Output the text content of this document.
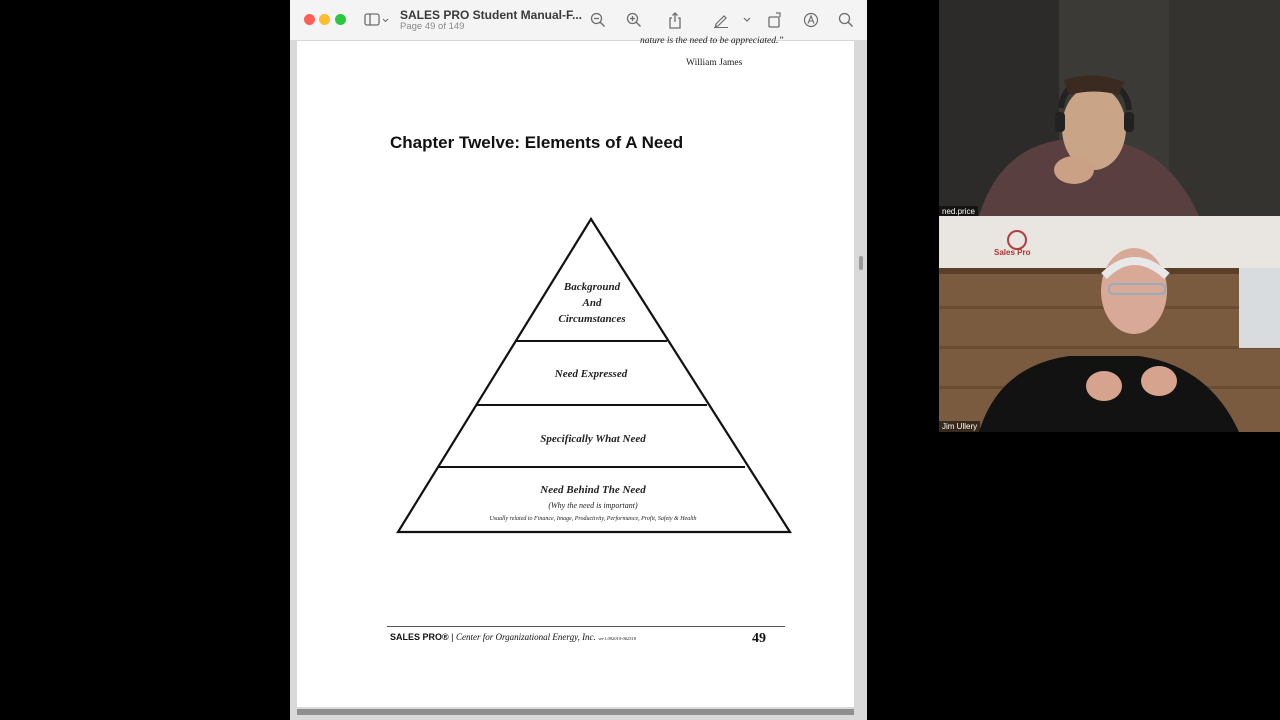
SALES PRO Student Manual-F...
Page 49 of 149
nature is the need to be appreciated.”
William James
Chapter Twelve: Elements of A Need
Background
And
Circumstances
Need Expressed
Specifically What Need
Need Behind The Need
(Why the need is important)
Usually related to Finance, Image, Productivity, Performance, Profit, Safety & Health
SALES PRO® | Center for Organizational Energy, Inc. ver1.092010-062518	49
ned.price
Sales Pro
Jim Ullery
